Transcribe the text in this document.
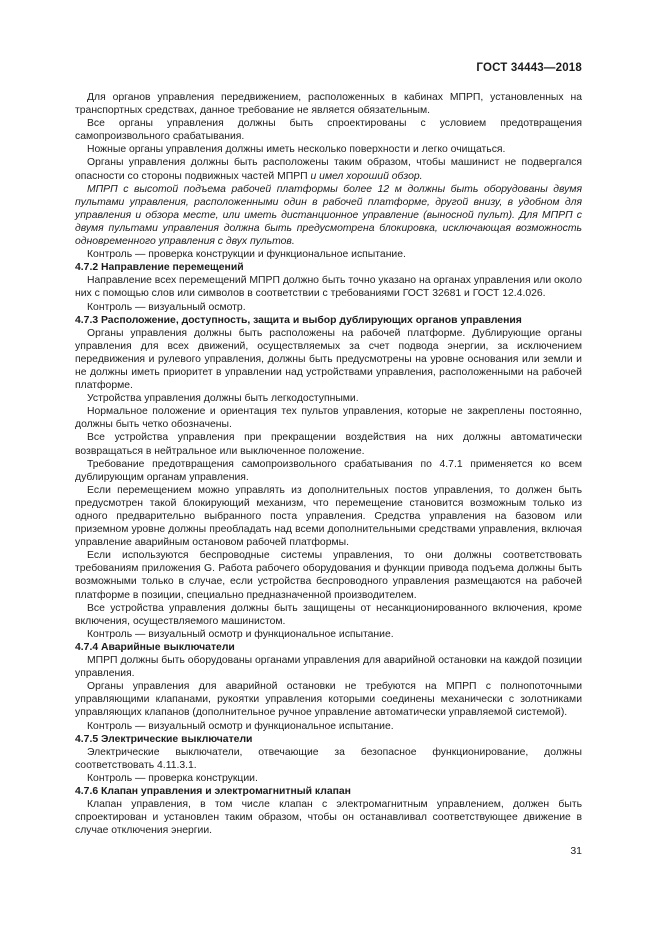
ГОСТ 34443—2018

Для органов управления передвижением, расположенных в кабинах МПРП, установленных на транспортных средствах, данное требование не является обязательным.

Все органы управления должны быть спроектированы с условием предотвращения самопроизвольного срабатывания.

Ножные органы управления должны иметь несколько поверхности и легко очищаться.

Органы управления должны быть расположены таким образом, чтобы машинист не подвергался опасности со стороны подвижных частей МПРП и имел хороший обзор.

МПРП с высотой подъема рабочей платформы более 12 м должны быть оборудованы двумя пультами управления, расположенными один в рабочей платформе, другой внизу, в удобном для управления и обзора месте, или иметь дистанционное управление (выносной пульт). Для МПРП с двумя пультами управления должна быть предусмотрена блокировка, исключающая возможность одновременного управления с двух пультов.

Контроль — проверка конструкции и функциональное испытание.

4.7.2 Направление перемещений

Направление всех перемещений МПРП должно быть точно указано на органах управления или около них с помощью слов или символов в соответствии с требованиями ГОСТ 32681 и ГОСТ 12.4.026.

Контроль — визуальный осмотр.

4.7.3 Расположение, доступность, защита и выбор дублирующих органов управления

Органы управления должны быть расположены на рабочей платформе. Дублирующие органы управления для всех движений, осуществляемых за счет подвода энергии, за исключением передвижения и рулевого управления, должны быть предусмотрены на уровне основания или земли и не должны иметь приоритет в управлении над устройствами управления, расположенными на рабочей платформе.

Устройства управления должны быть легкодоступными.

Нормальное положение и ориентация тех пультов управления, которые не закреплены постоянно, должны быть четко обозначены.

Все устройства управления при прекращении воздействия на них должны автоматически возвращаться в нейтральное или выключенное положение.

Требование предотвращения самопроизвольного срабатывания по 4.7.1 применяется ко всем дублирующим органам управления.

Если перемещением можно управлять из дополнительных постов управления, то должен быть предусмотрен такой блокирующий механизм, что перемещение становится возможным только из одного предварительно выбранного поста управления. Средства управления на базовом или приземном уровне должны преобладать над всеми дополнительными средствами управления, включая управление аварийным остановом рабочей платформы.

Если используются беспроводные системы управления, то они должны соответствовать требованиям приложения G. Работа рабочего оборудования и функции привода подъема должны быть возможными только в случае, если устройства беспроводного управления размещаются на рабочей платформе в позиции, специально предназначенной производителем.

Все устройства управления должны быть защищены от несанкционированного включения, кроме включения, осуществляемого машинистом.

Контроль — визуальный осмотр и функциональное испытание.

4.7.4 Аварийные выключатели

МПРП должны быть оборудованы органами управления для аварийной остановки на каждой позиции управления.

Органы управления для аварийной остановки не требуются на МПРП с полнопоточными управляющими клапанами, рукоятки управления которыми соединены механически с золотниками управляющих клапанов (дополнительное ручное управление автоматически управляемой системой).

Контроль — визуальный осмотр и функциональное испытание.

4.7.5 Электрические выключатели

Электрические выключатели, отвечающие за безопасное функционирование, должны соответствовать 4.11.3.1.

Контроль — проверка конструкции.

4.7.6 Клапан управления и электромагнитный клапан

Клапан управления, в том числе клапан с электромагнитным управлением, должен быть спроектирован и установлен таким образом, чтобы он останавливал соответствующее движение в случае отключения энергии.

31
